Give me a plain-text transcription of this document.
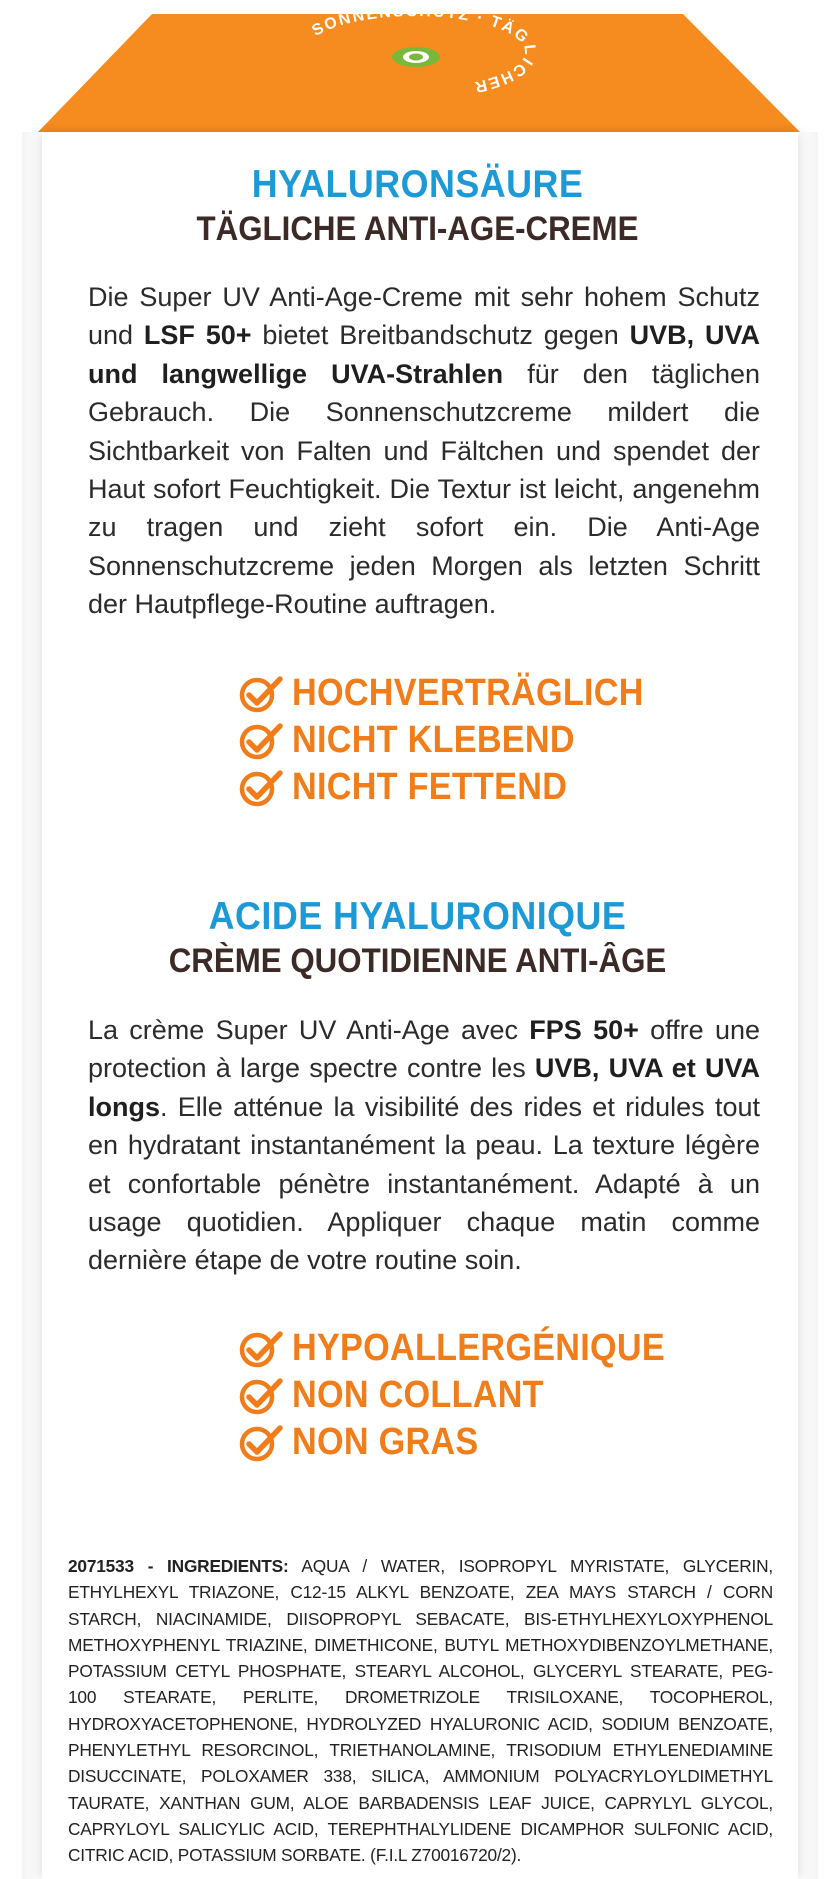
SONNENSCHUTZ · TÄGLICHER
HYALURONSÄURE
TÄGLICHE ANTI-AGE-CREME
Die Super UV Anti-Age-Creme mit sehr hohem Schutz und LSF 50+ bietet Breitbandschutz gegen UVB, UVA und langwellige UVA-Strahlen für den täglichen Gebrauch. Die Sonnenschutzcreme mildert die Sichtbarkeit von Falten und Fältchen und spendet der Haut sofort Feuchtigkeit. Die Textur ist leicht, angenehm zu tragen und zieht sofort ein. Die Anti-Age Sonnenschutzcreme jeden Morgen als letzten Schritt der Hautpflege-Routine auftragen.
HOCHVERTRÄGLICH
NICHT KLEBEND
NICHT FETTEND
ACIDE HYALURONIQUE
CRÈME QUOTIDIENNE ANTI-ÂGE
La crème Super UV Anti-Age avec FPS 50+ offre une protection à large spectre contre les UVB, UVA et UVA longs. Elle atténue la visibilité des rides et ridules tout en hydratant instantanément la peau. La texture légère et confortable pénètre instantanément. Adapté à un usage quotidien. Appliquer chaque matin comme dernière étape de votre routine soin.
HYPOALLERGÉNIQUE
NON COLLANT
NON GRAS
2071533 - INGREDIENTS: AQUA / WATER, ISOPROPYL MYRISTATE, GLYCERIN, ETHYLHEXYL TRIAZONE, C12-15 ALKYL BENZOATE, ZEA MAYS STARCH / CORN STARCH, NIACINAMIDE, DIISOPROPYL SEBACATE, BIS-ETHYLHEXYLOXYPHENOL METHOXYPHENYL TRIAZINE, DIMETHICONE, BUTYL METHOXYDIBENZOYLMETHANE, POTASSIUM CETYL PHOSPHATE, STEARYL ALCOHOL, GLYCERYL STEARATE, PEG-100 STEARATE, PERLITE, DROMETRIZOLE TRISILOXANE, TOCOPHEROL, HYDROXYACETOPHENONE, HYDROLYZED HYALURONIC ACID, SODIUM BENZOATE, PHENYLETHYL RESORCINOL, TRIETHANOLAMINE, TRISODIUM ETHYLENEDIAMINE DISUCCINATE, POLOXAMER 338, SILICA, AMMONIUM POLYACRYLOYLDIMETHYL TAURATE, XANTHAN GUM, ALOE BARBADENSIS LEAF JUICE, CAPRYLYL GLYCOL, CAPRYLOYL SALICYLIC ACID, TEREPHTHALYLIDENE DICAMPHOR SULFONIC ACID, CITRIC ACID, POTASSIUM SORBATE. (F.I.L Z70016720/2).
